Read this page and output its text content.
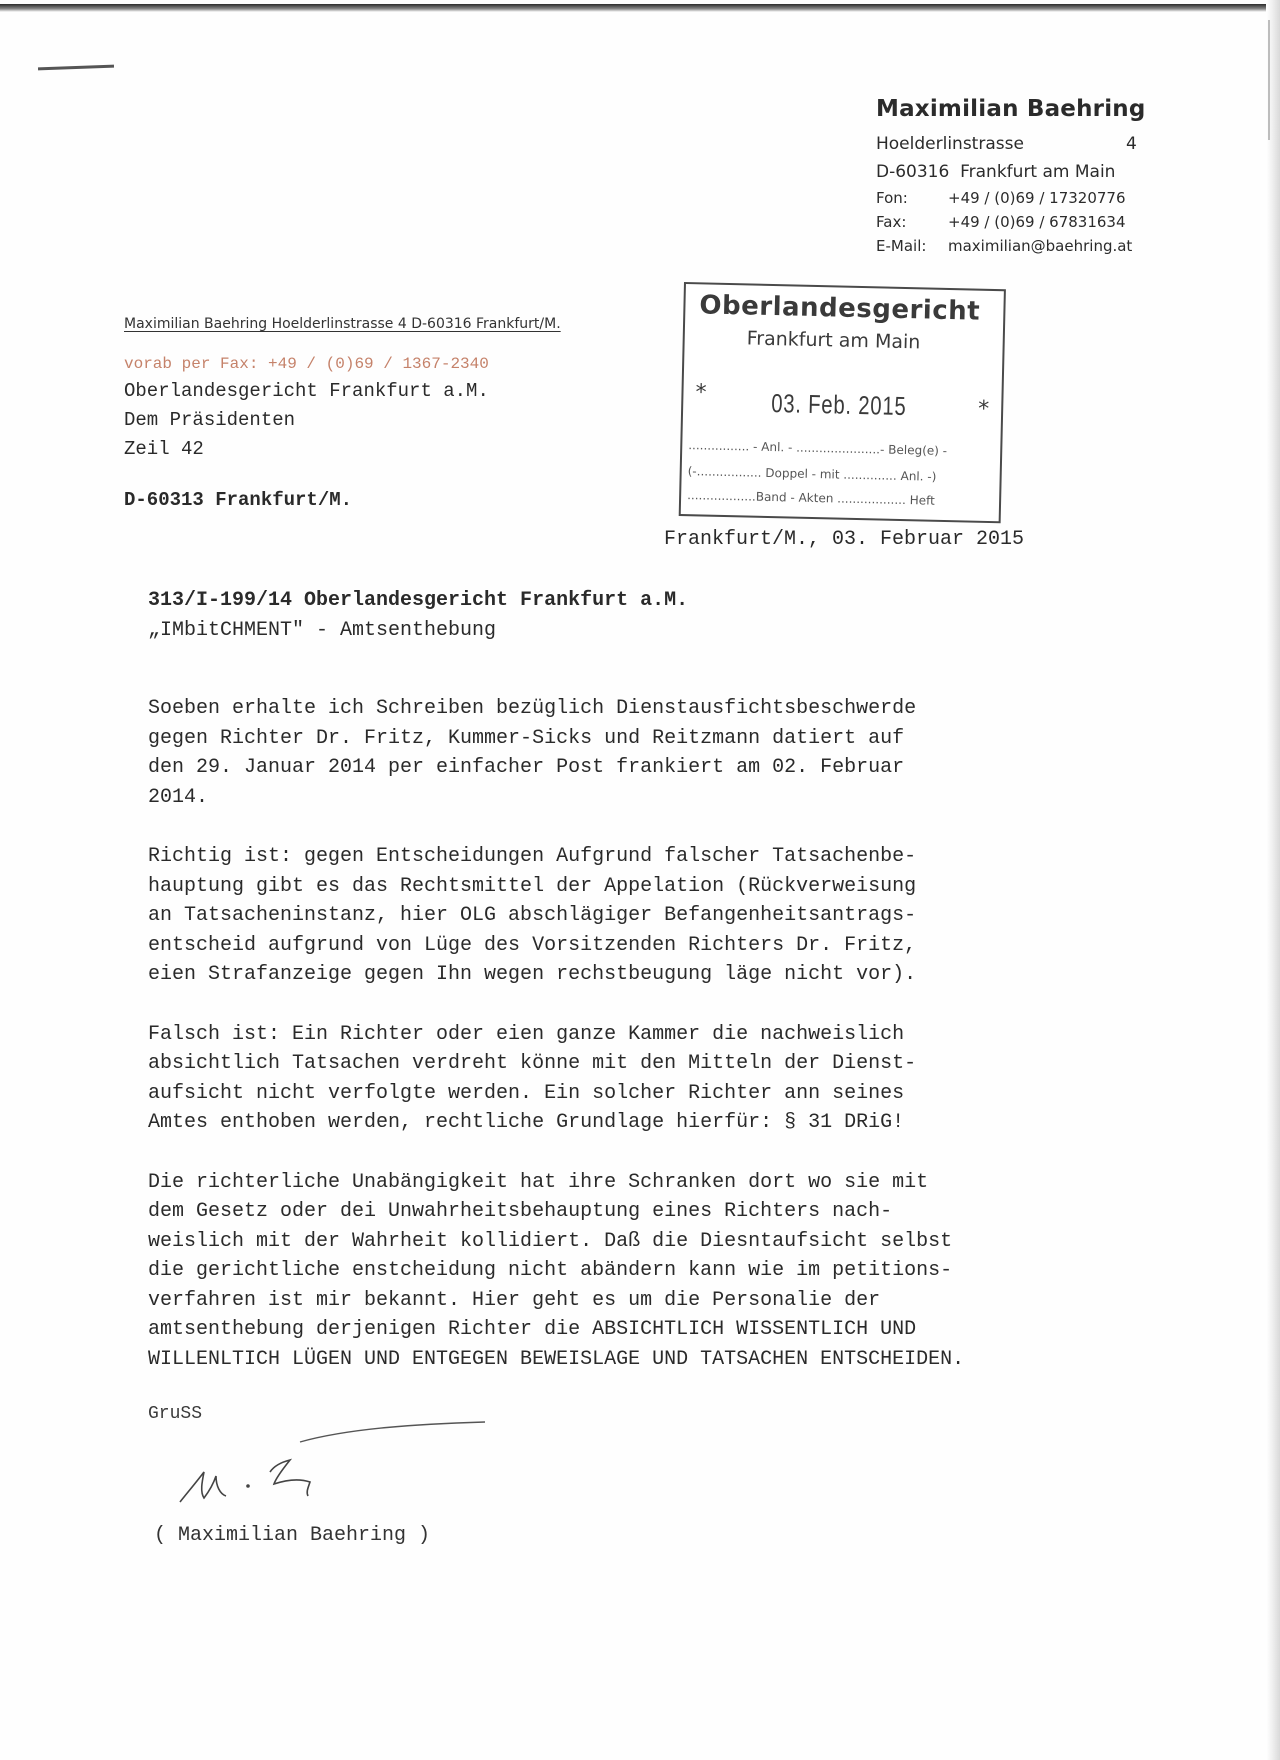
Maximilian Baehring
Hoelderlinstrasse	4
D-60316  Frankfurt am Main
Fon:	+49 / (0)69 / 17320776
Fax:	+49 / (0)69 / 67831634
E-Mail:	maximilian@baehring.at
Maximilian Baehring Hoelderlinstrasse 4 D-60316 Frankfurt/M.
vorab per Fax: +49 / (0)69 / 1367-2340
Oberlandesgericht Frankfurt a.M.
Dem Präsidenten
Zeil 42
D-60313 Frankfurt/M.
Oberlandesgericht
Frankfurt am Main
* 03. Feb. 2015	*
................ - Anl. - ......................- Beleg(e) -
(-................. Doppel - mit .............. Anl. -)
..................Band - Akten .................. Heft
Frankfurt/M., 03. Februar 2015
313/I-199/14 Oberlandesgericht Frankfurt a.M.
„IMbitCHMENT" - Amtsenthebung

Soeben erhalte ich Schreiben bezüglich Dienstausfichtsbeschwerde
gegen Richter Dr. Fritz, Kummer-Sicks und Reitzmann datiert auf
den 29. Januar 2014 per einfacher Post frankiert am 02. Februar
2014.

Richtig ist: gegen Entscheidungen Aufgrund falscher Tatsachenbe-
hauptung gibt es das Rechtsmittel der Appelation (Rückverweisung
an Tatsacheninstanz, hier OLG abschlägiger Befangenheitsantrags-
entscheid aufgrund von Lüge des Vorsitzenden Richters Dr. Fritz,
eien Strafanzeige gegen Ihn wegen rechstbeugung läge nicht vor).

Falsch ist: Ein Richter oder eien ganze Kammer die nachweislich
absichtlich Tatsachen verdreht könne mit den Mitteln der Dienst-
aufsicht nicht verfolgte werden. Ein solcher Richter ann seines
Amtes enthoben werden, rechtliche Grundlage hierfür: § 31 DRiG!

Die richterliche Unabängigkeit hat ihre Schranken dort wo sie mit
dem Gesetz oder dei Unwahrheitsbehauptung eines Richters nach-
weislich mit der Wahrheit kollidiert. Daß die Diesntaufsicht selbst
die gerichtliche enstcheidung nicht abändern kann wie im petitions-
verfahren ist mir bekannt. Hier geht es um die Personalie der
amtsenthebung derjenigen Richter die ABSICHTLICH WISSENTLICH UND
WILLENLTICH LÜGEN UND ENTGEGEN BEWEISLAGE UND TATSACHEN ENTSCHEIDEN.

GruSS
( Maximilian Baehring )
